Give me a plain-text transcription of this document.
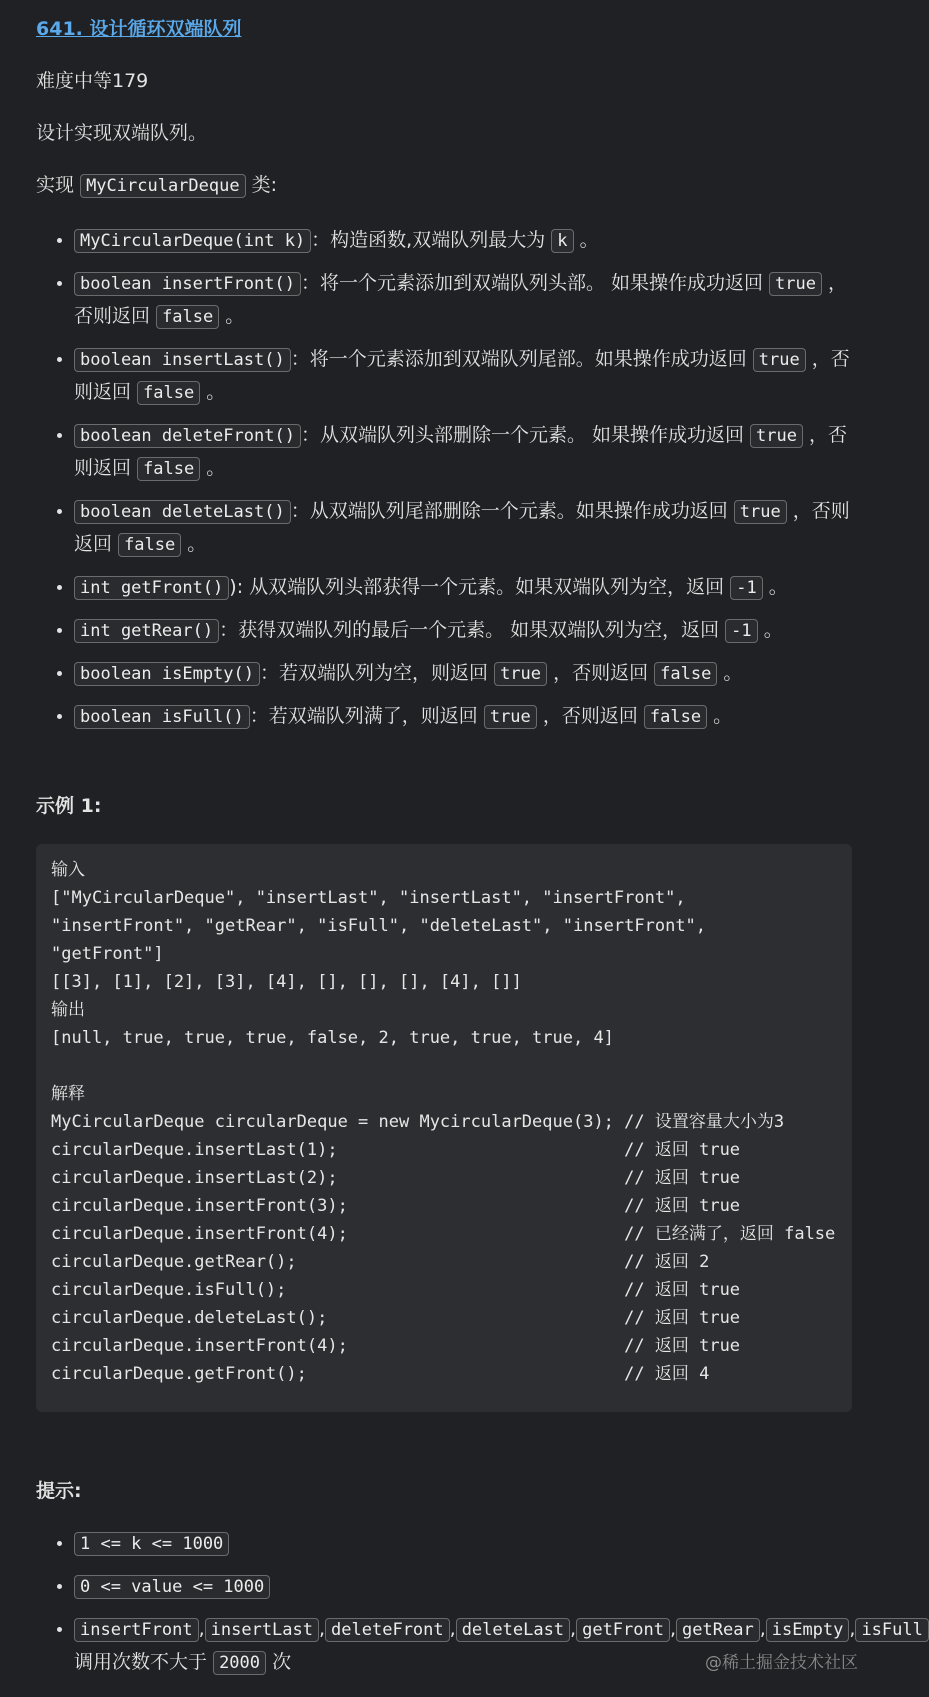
641. 设计循环双端队列

难度中等179

设计实现双端队列。

实现 MyCircularDeque 类:

• MyCircularDeque(int k) ：构造函数,双端队列最大为 k 。
• boolean insertFront() ：将一个元素添加到双端队列头部。 如果操作成功返回 true ，否则返回 false 。
• boolean insertLast() ：将一个元素添加到双端队列尾部。如果操作成功返回 true ，否则返回 false 。
• boolean deleteFront() ：从双端队列头部删除一个元素。 如果操作成功返回 true ，否则返回 false 。
• boolean deleteLast() ：从双端队列尾部删除一个元素。如果操作成功返回 true ，否则返回 false 。
• int getFront() ): 从双端队列头部获得一个元素。如果双端队列为空，返回 -1 。
• int getRear() ：获得双端队列的最后一个元素。 如果双端队列为空，返回 -1 。
• boolean isEmpty() ：若双端队列为空，则返回 true ，否则返回 false 。
• boolean isFull() ：若双端队列满了，则返回 true ，否则返回 false 。
示例 1:
输入
["MyCircularDeque", "insertLast", "insertLast", "insertFront",
"insertFront", "getRear", "isFull", "deleteLast", "insertFront",
"getFront"]
[[3], [1], [2], [3], [4], [], [], [], [4], []]
输出
[null, true, true, true, false, 2, true, true, true, 4]

解释
MyCircularDeque circularDeque = new MycircularDeque(3); // 设置容量大小为3
circularDeque.insertLast(1);			// 返回 true
circularDeque.insertLast(2);			// 返回 true
circularDeque.insertFront(3);			// 返回 true
circularDeque.insertFront(4);			// 已经满了，返回 false
circularDeque.getRear();				// 返回 2
circularDeque.isFull();				// 返回 true
circularDeque.deleteLast();			// 返回 true
circularDeque.insertFront(4);			// 返回 true
circularDeque.getFront();				// 返回 4
提示:
• 1 <= k <= 1000
• 0 <= value <= 1000
• insertFront , insertLast , deleteFront , deleteLast , getFront , getRear , isEmpty , isFull 调用次数不大于 2000 次	@稀土掘金技术社区
